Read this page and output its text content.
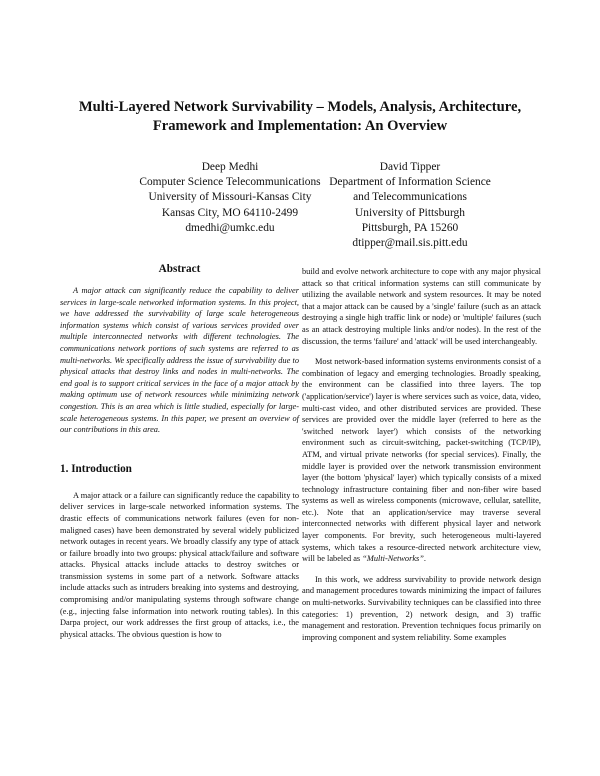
Multi-Layered Network Survivability – Models, Analysis, Architecture,
Framework and Implementation: An Overview
Deep Medhi
Computer Science Telecommunications
University of Missouri-Kansas City
Kansas City, MO 64110-2499
dmedhi@umkc.edu
David Tipper
Department of Information Science
and Telecommunications
University of Pittsburgh
Pittsburgh, PA 15260
dtipper@mail.sis.pitt.edu
Abstract

A major attack can significantly reduce the capability to deliver services in large-scale networked information systems. In this project, we have addressed the survivability of large scale heterogeneous information systems which consist of various services provided over multiple interconnected networks with different technologies. The communications network portions of such systems are referred to as multi-networks. We specifically address the issue of survivability due to physical attacks that destroy links and nodes in multi-networks. The end goal is to support critical services in the face of a major attack by making optimum use of network resources while minimizing network congestion. This is an area which is little studied, especially for large-scale heterogeneous systems. In this paper, we present an overview of our contributions in this area.

1. Introduction

A major attack or a failure can significantly reduce the capability to deliver services in large-scale networked information systems. The drastic effects of communications network failures (even for non-maligned cases) have been demonstrated by several widely publicized network outages in recent years. We broadly classify any type of attack or failure broadly into two groups: physical attack/failure and software attacks. Physical attacks include attacks to destroy switches or transmission systems in some part of a network. Software attacks include attacks such as intruders breaking into systems and destroying, compromising and/or manipulating systems through software change (e.g., injecting false information into network routing tables). In this Darpa project, our work addresses the first group of attacks, i.e., the physical attacks. The obvious question is how to

build and evolve network architecture to cope with any major physical attack so that critical information systems can still communicate by utilizing the available network and system resources. It may be noted that a major attack can be caused by a 'single' failure (such as an attack destroying a single high traffic link or node) or 'multiple' failures (such as an attack destroying multiple links and/or nodes). In the rest of the discussion, the terms 'failure' and 'attack' will be used interchangeably.

Most network-based information systems environments consist of a combination of legacy and emerging technologies. Broadly speaking, the environment can be classified into three layers. The top ('application/service') layer is where services such as voice, data, video, multi-cast video, and other distributed services are provided. These services are provided over the middle layer (referred to here as the 'switched network layer') which consists of the networking environment such as circuit-switching, packet-switching (TCP/IP), ATM, and virtual private networks (for special services). Finally, the middle layer is provided over the network transmission environment layer (the bottom 'physical' layer) which typically consists of a mixed technology infrastructure containing fiber and non-fiber wire based systems as well as wireless components (microwave, cellular, satellite, etc.). Note that an application/service may traverse several interconnected networks with different physical layer and network layer components. For brevity, such heterogeneous multi-layered systems, which takes a resource-directed network architecture view, will be labeled as “Multi-Networks”.

In this work, we address survivability to provide network design and management procedures towards minimizing the impact of failures on multi-networks. Survivability techniques can be classified into three categories: 1) prevention, 2) network design, and 3) traffic management and restoration. Prevention techniques focus primarily on improving component and system reliability. Some examples
